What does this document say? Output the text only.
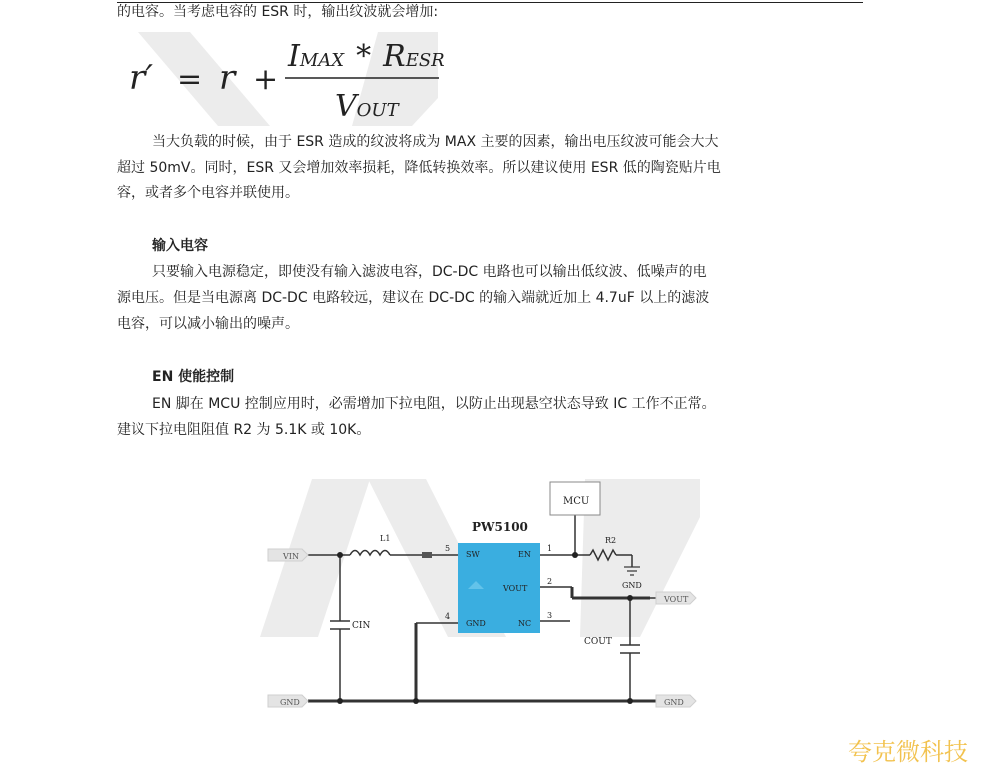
的电容。当考虑电容的 ESR 时，输出纹波就会增加:
r′ = r +
IMAX * RESR
VOUT
当大负载的时候，由于 ESR 造成的纹波将成为 MAX 主要的因素，输出电压纹波可能会大大
超过 50mV。同时，ESR 又会增加效率损耗，降低转换效率。所以建议使用 ESR 低的陶瓷贴片电
容，或者多个电容并联使用。
输入电容
只要输入电源稳定，即使没有输入滤波电容，DC-DC 电路也可以输出低纹波、低噪声的电
源电压。但是当电源离 DC-DC 电路较远，建议在 DC-DC 的输入端就近加上 4.7uF 以上的滤波
电容，可以减小输出的噪声。
EN 使能控制
EN 脚在 MCU 控制应用时，必需增加下拉电阻，以防止出现悬空状态导致 IC 工作不正常。
建议下拉电阻阻值 R2 为 5.1K 或 10K。
PW5100
MCU
VIN
GND
VOUT
GND
GND
L1	R2
CIN
COUT
SW	EN
VOUT
GND	NC
1
2
3
4
5
夸克微科技
